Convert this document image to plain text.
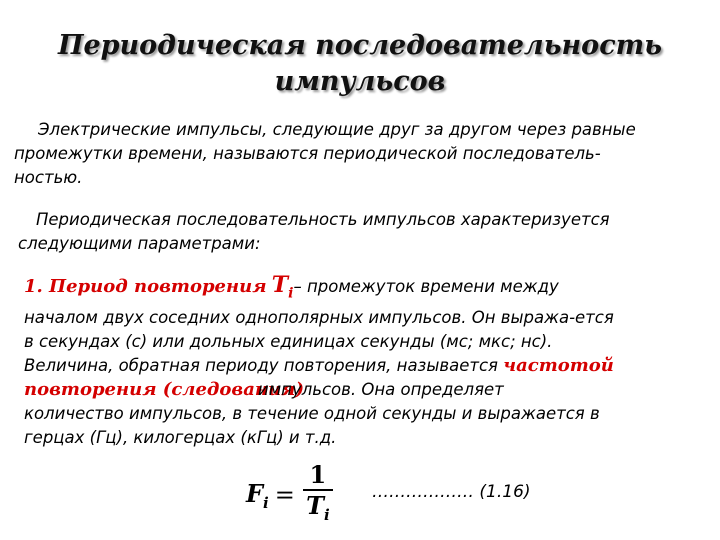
Периодическая последовательность
импульсов
Электрические импульсы, следующие друг за другом через равные
промежутки времени, называются периодической последователь-
ностью.
Периодическая последовательность импульсов характеризуется
следующими параметрами:
1. Период повторения $T_i-$ промежуток времени между
началом двух соседних однополярных импульсов. Он выража-ется
в секундах (с) или дольных единицах секунды (мс; мкс; нс).
Величина, обратная периоду повторения, называется частотой
повторения (следования)импульсов. Она определяет
количество импульсов, в течение одной секунды и выражается в
герцах (Гц), килогерцах (кГц) и т.д.
$F_i = \frac{1}{T_i}$ ……………… (1.16)
